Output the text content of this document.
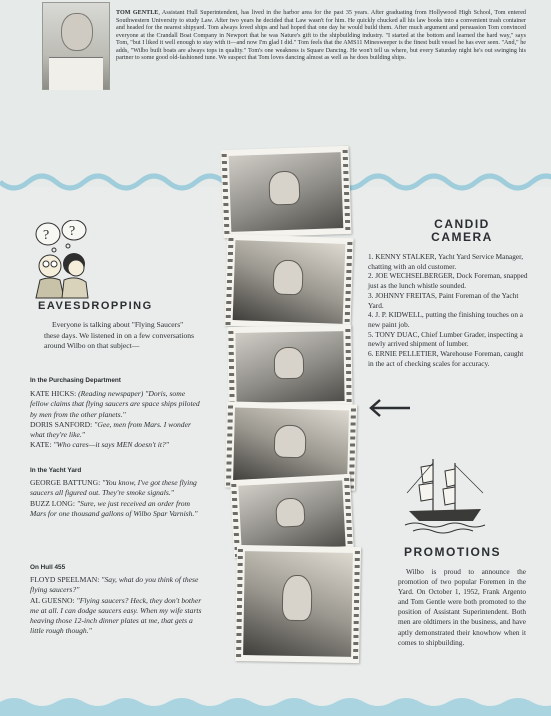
TOM GENTLE, Assistant Hull Superintendent, has lived in the harbor area for the past 35 years. After graduating from Hollywood High School, Tom entered Southwestern University to study Law. After two years he decided that Law wasn't for him. He quickly chucked all his law books into a convenient trash container and headed for the nearest shipyard. Tom always loved ships and had hoped that one day he would build them. After much argument and persuasion Tom convinced everyone at the Crandall Boat Company in Newport that he was Nature's gift to the shipbuilding industry. "I started at the bottom and learned the hard way," says Tom, "but I liked it well enough to stay with it—and now I'm glad I did." Tom feels that the AMS11 Minesweeper is the finest built vessel he has ever seen. "And," he adds, "Wilbo built boats are always tops in quality." Tom's one weakness is Square Dancing. He won't tell us where, but every Saturday night he's out swinging his partner to some good old-fashioned tune. We suspect that Tom loves dancing almost as well as he does building ships.
? ?
EAVESDROPPING
Everyone is talking about "Flying Saucers" these days. We listened in on a few conversations around Wilbo on that subject—
In the Purchasing Department
KATE HICKS: (Reading newspaper) "Doris, some fellow claims that flying saucers are space ships piloted by men from the other planets."
DORIS SANFORD: "Gee, men from Mars. I wonder what they're like."
KATE: "Who cares—it says MEN doesn't it?"
In the Yacht Yard
GEORGE BATTUNG: "You know, I've got these flying saucers all figured out. They're smoke signals."
BUZZ LONG: "Sure, we just received an order from Mars for one thousand gallons of Wilbo Spar Varnish."
On Hull 455
FLOYD SPEELMAN: "Say, what do you think of these flying saucers?"
AL GUESNO: "Flying saucers? Heck, they don't bother me at all. I can dodge saucers easy. When my wife starts heaving those 12-inch dinner plates at me, that gets a little rough though."
CANDID
CAMERA

1. KENNY STALKER, Yacht Yard Service Manager, chatting with an old customer.

2. JOE WECHSELBERGER, Dock Foreman, snapped just as the lunch whistle sounded.

3. JOHNNY FREITAS, Paint Foreman of the Yacht Yard.

4. J. P. KIDWELL, putting the finishing touches on a new paint job.

5. TONY DUAC, Chief Lumber Grader, inspecting a newly arrived shipment of lumber.

6. ERNIE PELLETIER, Warehouse Foreman, caught in the act of checking scales for accuracy.

PROMOTIONS
Wilbo is proud to announce the promotion of two popular Foremen in the Yard. On October 1, 1952, Frank Argento and Tom Gentle were both promoted to the position of Assistant Superintendent. Both men are oldtimers in the business, and have aptly demonstrated their knowhow when it comes to shipbuilding.
